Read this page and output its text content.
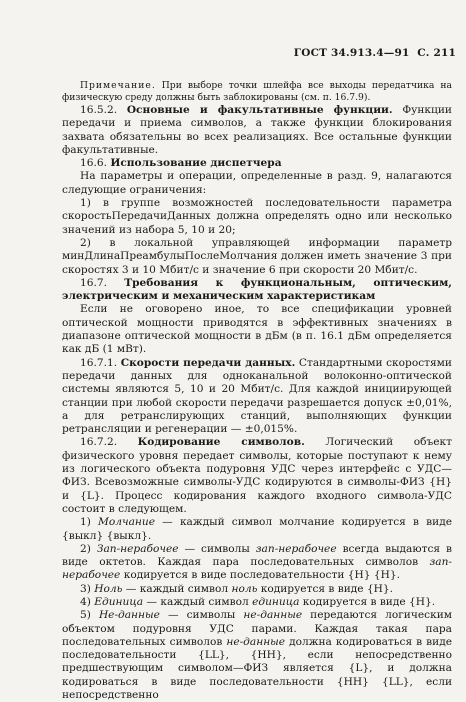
ГОСТ 34.913.4—91 С. 211

Примечание. При выборе точки шлейфа все выходы передатчика на физическую среду должны быть заблокированы (см. п. 16.7.9).

16.5.2. Основные и факультативные функции. Функции передачи и приема символов, а также функции блокирования захвата обязательны во всех реализациях. Все остальные функции факультативные.

16.6. Использование диспетчера

На параметры и операции, определенные в разд. 9, налагаются следующие ограничения:

1) в группе возможностей последовательности параметра скоростьПередачиДанных должна определять одно или несколько значений из набора 5, 10 и 20;

2) в локальной управляющей информации параметр минДлинаПреамбулыПослеМолчания должен иметь значение 3 при скоростях 3 и 10 Мбит/с и значение 6 при скорости 20 Мбит/с.

16.7. Требования к функциональным, оптическим, электрическим и механическим характеристикам

Если не оговорено иное, то все спецификации уровней оптической мощности приводятся в эффективных значениях в диапазоне оптической мощности в дБм (в п. 16.1 дБм определяется как дБ (1 мВт).

16.7.1. Скорости передачи данных. Стандартными скоростями передачи данных для одноканальной волоконно-оптической системы являются 5, 10 и 20 Мбит/с. Для каждой инициирующей станции при любой скорости передачи разрешается допуск ±0,01%, а для ретранслирующих станций, выполняющих функции ретрансляции и регенерации — ±0,015%.

16.7.2. Кодирование символов. Логический объект физического уровня передает символы, которые поступают к нему из логического объекта подуровня УДС через интерфейс с УДС—ФИЗ. Всевозможные символы-УДС кодируются в символы-ФИЗ {H} и {L}. Процесс кодирования каждого входного символа-УДС состоит в следующем.

1) Молчание — каждый символ молчание кодируется в виде {выкл} {выкл}.

2) Зап-нерабочее — символы зап-нерабочее всегда выдаются в виде октетов. Каждая пара последовательных символов зап-нерабочее кодируется в виде последовательности {H} {H}.

3) Ноль — каждый символ ноль кодируется в виде {H}.

4) Единица — каждый символ единица кодируется в виде {H}.

5) Не-данные — символы не-данные передаются логическим объектом подуровня УДС парами. Каждая такая пара последовательных символов не-данные должна кодироваться в виде последовательности {LL}, {HH}, если непосредственно предшествующим символом—ФИЗ является {L}, и должна кодироваться в виде последовательности {HH} {LL}, если непосредственно
